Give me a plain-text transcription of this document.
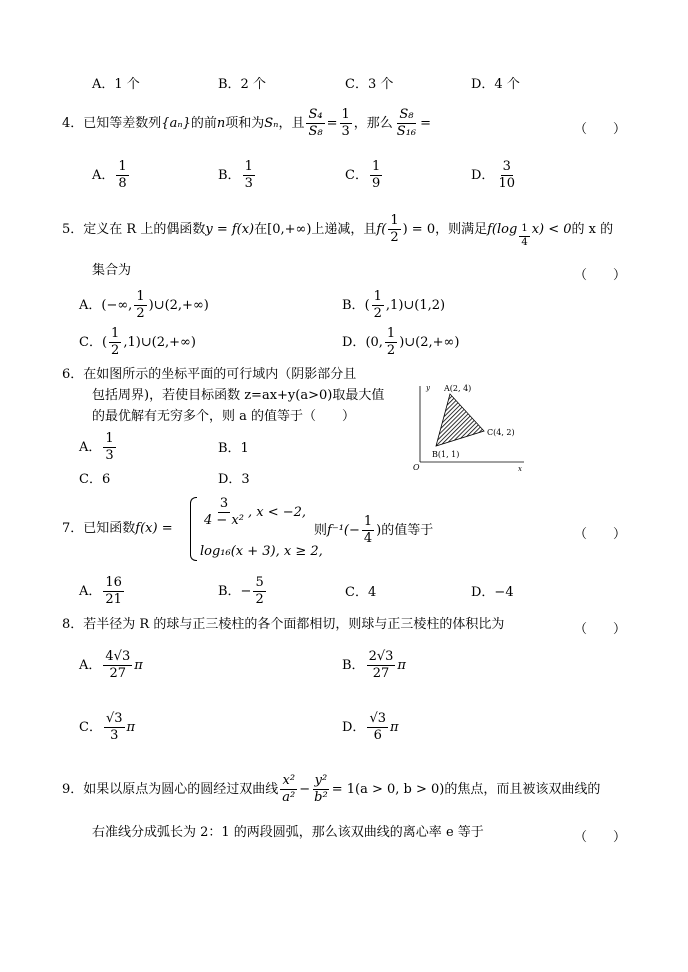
A．1 个	B．2 个	C．3 个	D．4 个
4． 已知等差数列 {aₙ} 的前 n 项和为 Sₙ ，且 $\frac{\text{S₄}}{\text{S₈}} = \frac{1}{3}$ ，那么 $\frac{\text{S₈}}{\text{S₁₆}}$ =	（　　）
A． $\frac{1}{8}$	B． $\frac{1}{3}$	C． $\frac{1}{9}$	D． $\frac{3}{10}$
5． 定义在 R 上的偶函数 y = f(x) 在[0,+∞)上递减，且 $f( \frac{1}{2}$ ) = 0，则满足 $f(\log \frac{1}{4} x) < 0$ 的 x 的
集合为	（　　）
A． (−∞, $\frac{1}{2}$ )∪(2,+∞)	B． ( $\frac{1}{2}$ ,1)∪(1,2)
C． ( $\frac{1}{2}$ ,1)∪(2,+∞)	D． (0, $\frac{1}{2}$ )∪(2,+∞)
6．在如图所示的坐标平面的可行域内（阴影部分且
包括周界)，若使目标函数 z=ax+y(a>0)取最大值
的最优解有无穷多个，则 a 的值等于（　　）
A． $\frac{1}{3}$	B．1
C．6	D．3
y
x
O
A(2, 4)
B(1, 1)
C(4, 2)
7． 已知函数 f(x) =
$\frac{3}{\text{4 − x²}}$ , x < −2,
log₁₆(x + 3), x ≥ 2,
则 $f^{-1}(- \frac{1}{4}$ )的值等于	（　　）
A． $\frac{16}{21}$	B．− $\frac{5}{2}$	C．4	D．−4
8．若半径为 R 的球与正三棱柱的各个面都相切，则球与正三棱柱的体积比为	（　　）
A． $\frac{4√3}{27}$ π	B． $\frac{2√3}{27}$ π
C． $\frac{√3}{3}$ π	D． $\frac{√3}{6}$ π
9．如果以原点为圆心的圆经过双曲线 $\frac{\text{x²}}{\text{a²}} - \frac{\text{y²}}{\text{b²}} = 1(a > 0$, b > 0)的焦点，而且被该双曲线的
右准线分成弧长为 2：1 的两段圆弧，那么该双曲线的离心率 e 等于	（　　）
